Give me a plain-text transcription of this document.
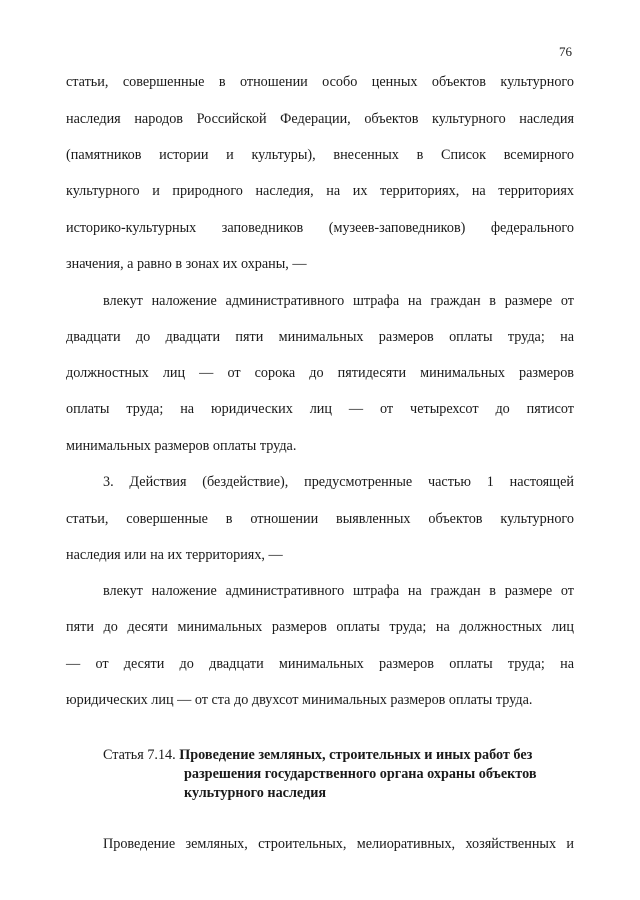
76
статьи, совершенные в отношении особо ценных объектов культурного
наследия народов Российской Федерации, объектов культурного наследия
(памятников истории и культуры), внесенных в Список всемирного
культурного и природного наследия, на их территориях, на территориях
историко-культурных заповедников (музеев-заповедников) федерального
значения, а равно в зонах их охраны, —
влекут наложение административного штрафа на граждан в размере от
двадцати до двадцати пяти минимальных размеров оплаты труда; на
должностных лиц — от сорока до пятидесяти минимальных размеров
оплаты труда; на юридических лиц — от четырехсот до пятисот
минимальных размеров оплаты труда.
3. Действия (бездействие), предусмотренные частью 1 настоящей
статьи, совершенные в отношении выявленных объектов культурного
наследия или на их территориях, —
влекут наложение административного штрафа на граждан в размере от
пяти до десяти минимальных размеров оплаты труда; на должностных лиц
— от десяти до двадцати минимальных размеров оплаты труда; на
юридических лиц — от ста до двухсот минимальных размеров оплаты труда.
Статья 7.14. Проведение земляных, строительных и иных работ без
разрешения государственного органа охраны объектов
культурного наследия
Проведение земляных, строительных, мелиоративных, хозяйственных и
